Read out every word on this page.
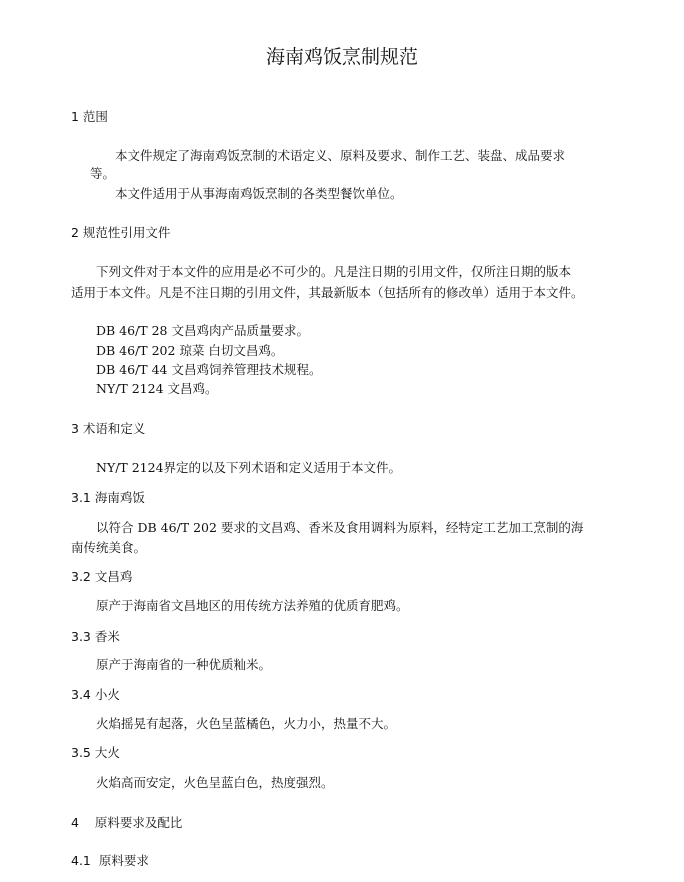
海南鸡饭烹制规范
1 范围
本文件规定了海南鸡饭烹制的术语定义、原料及要求、制作工艺、装盘、成品要求
等。
本文件适用于从事海南鸡饭烹制的各类型餐饮单位。
2 规范性引用文件
下列文件对于本文件的应用是必不可少的。凡是注日期的引用文件，仅所注日期的版本
适用于本文件。凡是不注日期的引用文件，其最新版本（包括所有的修改单）适用于本文件。
DB 46/T 28 文昌鸡肉产品质量要求。
DB 46/T 202 琼菜 白切文昌鸡。
DB 46/T 44 文昌鸡饲养管理技术规程。
NY/T 2124 文昌鸡。
3 术语和定义
NY/T 2124界定的以及下列术语和定义适用于本文件。
3.1 海南鸡饭
以符合 DB 46/T 202 要求的文昌鸡、香米及食用调料为原料，经特定工艺加工烹制的海
南传统美食。
3.2 文昌鸡
原产于海南省文昌地区的用传统方法养殖的优质育肥鸡。
3.3 香米
原产于海南省的一种优质籼米。
3.4 小火
火焰摇晃有起落，火色呈蓝橘色，火力小，热量不大。
3.5 大火
火焰高而安定，火色呈蓝白色，热度强烈。
4    原料要求及配比
4.1  原料要求
